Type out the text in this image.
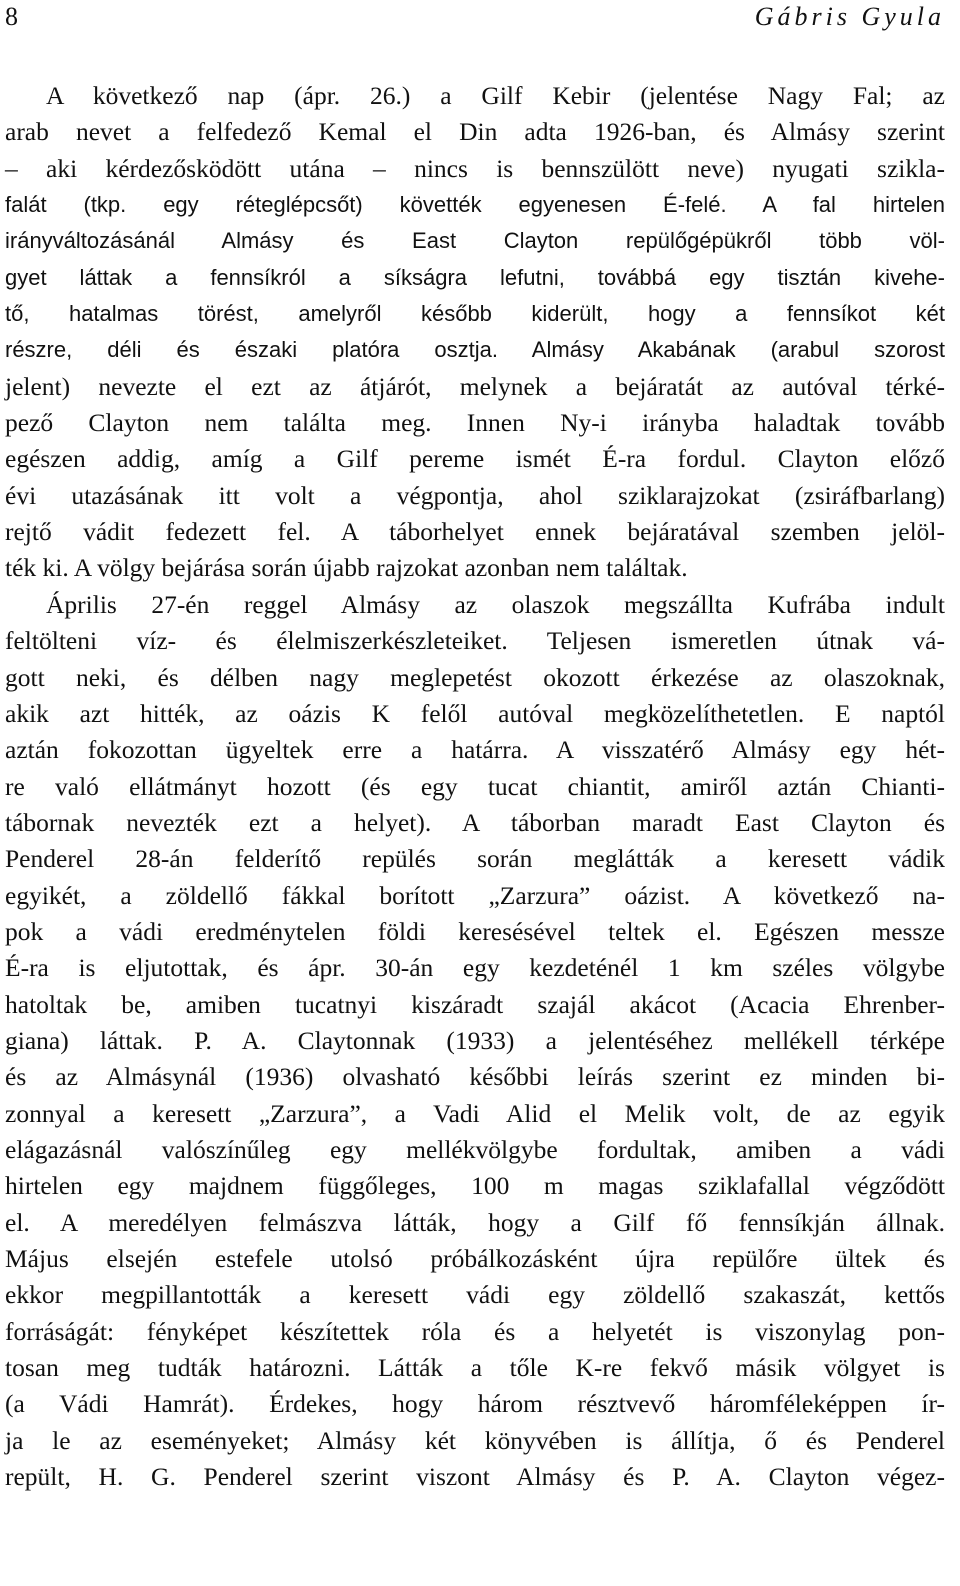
8	Gábris Gyula
A következő nap (ápr. 26.) a Gilf Kebir (jelentése Nagy Fal; az
arab nevet a felfedező Kemal el Din adta 1926-ban, és Almásy szerint
– aki kérdezősködött utána – nincs is bennszülött neve) nyugati szikla-
falát (tkp. egy réteglépcsőt) követték egyenesen É-felé. A fal hirtelen
irányváltozásánál Almásy és East Clayton repülőgépükről több völ-
gyet láttak a fennsíkról a síkságra lefutni, továbbá egy tisztán kivehe-
tő, hatalmas törést, amelyről később kiderült, hogy a fennsíkot két
részre, déli és északi platóra osztja. Almásy Akabának (arabul szorost
jelent) nevezte el ezt az átjárót, melynek a bejáratát az autóval térké-
pező Clayton nem találta meg. Innen Ny-i irányba haladtak tovább
egészen addig, amíg a Gilf pereme ismét É-ra fordul. Clayton előző
évi utazásának itt volt a végpontja, ahol sziklarajzokat (zsiráfbarlang)
rejtő vádit fedezett fel. A táborhelyet ennek bejáratával szemben jelöl-
ték ki. A völgy bejárása során újabb rajzokat azonban nem találtak.
Április 27-én reggel Almásy az olaszok megszállta Kufrába indult
feltölteni víz- és élelmiszerkészleteiket. Teljesen ismeretlen útnak vá-
gott neki, és délben nagy meglepetést okozott érkezése az olaszoknak,
akik azt hitték, az oázis K felől autóval megközelíthetetlen. E naptól
aztán fokozottan ügyeltek erre a határra. A visszatérő Almásy egy hét-
re való ellátmányt hozott (és egy tucat chiantit, amiről aztán Chianti-
tábornak nevezték ezt a helyet). A táborban maradt East Clayton és
Penderel 28-án felderítő repülés során meglátták a keresett vádik
egyikét, a zöldellő fákkal borított „Zarzura” oázist. A következő na-
pok a vádi eredménytelen földi keresésével teltek el. Egészen messze
É-ra is eljutottak, és ápr. 30-án egy kezdeténél 1 km széles völgybe
hatoltak be, amiben tucatnyi kiszáradt szajál akácot (Acacia Ehrenber-
giana) láttak. P. A. Claytonnak (1933) a jelentéséhez mellékell térképe
és az Almásynál (1936) olvasható későbbi leírás szerint ez minden bi-
zonnyal a keresett „Zarzura”, a Vadi Alid el Melik volt, de az egyik
elágazásnál valószínűleg egy mellékvölgybe fordultak, amiben a vádi
hirtelen egy majdnem függőleges, 100 m magas sziklafallal végződött
el. A meredélyen felmászva látták, hogy a Gilf fő fennsíkján állnak.
Május elsején estefele utolsó próbálkozásként újra repülőre ültek és
ekkor megpillantották a keresett vádi egy zöldellő szakaszát, kettős
forráságát: fényképet készítettek róla és a helyetét is viszonylag pon-
tosan meg tudták határozni. Látták a tőle K-re fekvő másik völgyet is
(a Vádi Hamrát). Érdekes, hogy három résztvevő háromféleképpen ír-
ja le az eseményeket; Almásy két könyvében is állítja, ő és Penderel
repült, H. G. Penderel szerint viszont Almásy és P. A. Clayton végez-
